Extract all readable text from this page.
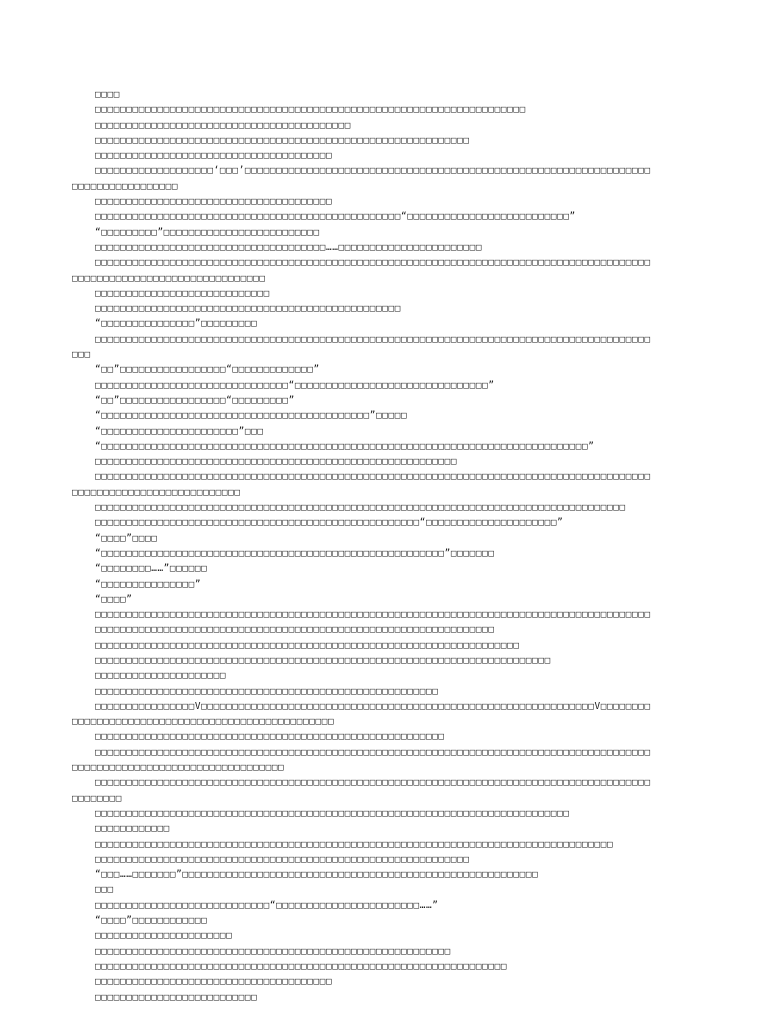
□□□□
□□□□□□□□□□□□□□□□□□□□□□□□□□□□□□□□□□□□□□□□□□□□□□□□□□□□□□□□□□□□□□□□□□□□□
□□□□□□□□□□□□□□□□□□□□□□□□□□□□□□□□□□□□□□□□□
□□□□□□□□□□□□□□□□□□□□□□□□□□□□□□□□□□□□□□□□□□□□□□□□□□□□□□□□□□□□
□□□□□□□□□□□□□□□□□□□□□□□□□□□□□□□□□□□□□□
□□□□□□□□□□□□□□□□□□□‘□□□’□□□□□□□□□□□□□□□□□□□□□□□□□□□□□□□□□□□□□□□□□□□□□□□□□□□□□□□□□□□□□□□□□
□□□□□□□□□□□□□□□□□
□□□□□□□□□□□□□□□□□□□□□□□□□□□□□□□□□□□□□□
□□□□□□□□□□□□□□□□□□□□□□□□□□□□□□□□□□□□□□□□□□□□□□□□□“□□□□□□□□□□□□□□□□□□□□□□□□□□”
“□□□□□□□□□”□□□□□□□□□□□□□□□□□□□□□□□□□
□□□□□□□□□□□□□□□□□□□□□□□□□□□□□□□□□□□□□……□□□□□□□□□□□□□□□□□□□□□□□
□□□□□□□□□□□□□□□□□□□□□□□□□□□□□□□□□□□□□□□□□□□□□□□□□□□□□□□□□□□□□□□□□□□□□□□□□□□□□□□□□□□□□□□□□
□□□□□□□□□□□□□□□□□□□□□□□□□□□□□□□
□□□□□□□□□□□□□□□□□□□□□□□□□□□□
□□□□□□□□□□□□□□□□□□□□□□□□□□□□□□□□□□□□□□□□□□□□□□□□□
“□□□□□□□□□□□□□□□”□□□□□□□□□
□□□□□□□□□□□□□□□□□□□□□□□□□□□□□□□□□□□□□□□□□□□□□□□□□□□□□□□□□□□□□□□□□□□□□□□□□□□□□□□□□□□□□□□□□
□□□
“□□”□□□□□□□□□□□□□□□□□“□□□□□□□□□□□□□”
□□□□□□□□□□□□□□□□□□□□□□□□□□□□□□□“□□□□□□□□□□□□□□□□□□□□□□□□□□□□□□□”
“□□”□□□□□□□□□□□□□□□□□“□□□□□□□□□”
“□□□□□□□□□□□□□□□□□□□□□□□□□□□□□□□□□□□□□□□□□□□”□□□□□
“□□□□□□□□□□□□□□□□□□□□□□”□□□
“□□□□□□□□□□□□□□□□□□□□□□□□□□□□□□□□□□□□□□□□□□□□□□□□□□□□□□□□□□□□□□□□□□□□□□□□□□□□□□”
□□□□□□□□□□□□□□□□□□□□□□□□□□□□□□□□□□□□□□□□□□□□□□□□□□□□□□□□□□
□□□□□□□□□□□□□□□□□□□□□□□□□□□□□□□□□□□□□□□□□□□□□□□□□□□□□□□□□□□□□□□□□□□□□□□□□□□□□□□□□□□□□□□□□
□□□□□□□□□□□□□□□□□□□□□□□□□□□
□□□□□□□□□□□□□□□□□□□□□□□□□□□□□□□□□□□□□□□□□□□□□□□□□□□□□□□□□□□□□□□□□□□□□□□□□□□□□□□□□□□□□
□□□□□□□□□□□□□□□□□□□□□□□□□□□□□□□□□□□□□□□□□□□□□□□□□□□□“□□□□□□□□□□□□□□□□□□□□□”
“□□□□”□□□□
“□□□□□□□□□□□□□□□□□□□□□□□□□□□□□□□□□□□□□□□□□□□□□□□□□□□□□□□”□□□□□□□
“□□□□□□□□……”□□□□□□
“□□□□□□□□□□□□□□□”
“□□□□”
□□□□□□□□□□□□□□□□□□□□□□□□□□□□□□□□□□□□□□□□□□□□□□□□□□□□□□□□□□□□□□□□□□□□□□□□□□□□□□□□□□□□□□□□□
□□□□□□□□□□□□□□□□□□□□□□□□□□□□□□□□□□□□□□□□□□□□□□□□□□□□□□□□□□□□□□□□
□□□□□□□□□□□□□□□□□□□□□□□□□□□□□□□□□□□□□□□□□□□□□□□□□□□□□□□□□□□□□□□□□□□□
□□□□□□□□□□□□□□□□□□□□□□□□□□□□□□□□□□□□□□□□□□□□□□□□□□□□□□□□□□□□□□□□□□□□□□□□□
□□□□□□□□□□□□□□□□□□□□□
□□□□□□□□□□□□□□□□□□□□□□□□□□□□□□□□□□□□□□□□□□□□□□□□□□□□□□□
□□□□□□□□□□□□□□□□V□□□□□□□□□□□□□□□□□□□□□□□□□□□□□□□□□□□□□□□□□□□□□□□□□□□□□□□□□□□□□□□V□□□□□□□□
□□□□□□□□□□□□□□□□□□□□□□□□□□□□□□□□□□□□□□□□□□
□□□□□□□□□□□□□□□□□□□□□□□□□□□□□□□□□□□□□□□□□□□□□□□□□□□□□□□□
□□□□□□□□□□□□□□□□□□□□□□□□□□□□□□□□□□□□□□□□□□□□□□□□□□□□□□□□□□□□□□□□□□□□□□□□□□□□□□□□□□□□□□□□□
□□□□□□□□□□□□□□□□□□□□□□□□□□□□□□□□□□
□□□□□□□□□□□□□□□□□□□□□□□□□□□□□□□□□□□□□□□□□□□□□□□□□□□□□□□□□□□□□□□□□□□□□□□□□□□□□□□□□□□□□□□□□
□□□□□□□□
□□□□□□□□□□□□□□□□□□□□□□□□□□□□□□□□□□□□□□□□□□□□□□□□□□□□□□□□□□□□□□□□□□□□□□□□□□□□
□□□□□□□□□□□□
□□□□□□□□□□□□□□□□□□□□□□□□□□□□□□□□□□□□□□□□□□□□□□□□□□□□□□□□□□□□□□□□□□□□□□□□□□□□□□□□□□□
□□□□□□□□□□□□□□□□□□□□□□□□□□□□□□□□□□□□□□□□□□□□□□□□□□□□□□□□□□□□
“□□□……□□□□□□□”□□□□□□□□□□□□□□□□□□□□□□□□□□□□□□□□□□□□□□□□□□□□□□□□□□□□□□□□□
□□□
□□□□□□□□□□□□□□□□□□□□□□□□□□□□“□□□□□□□□□□□□□□□□□□□□□□□……”
“□□□□”□□□□□□□□□□□□
□□□□□□□□□□□□□□□□□□□□□□
□□□□□□□□□□□□□□□□□□□□□□□□□□□□□□□□□□□□□□□□□□□□□□□□□□□□□□□□□
□□□□□□□□□□□□□□□□□□□□□□□□□□□□□□□□□□□□□□□□□□□□□□□□□□□□□□□□□□□□□□□□□□
□□□□□□□□□□□□□□□□□□□□□□□□□□□□□□□□□□□□□□
□□□□□□□□□□□□□□□□□□□□□□□□□□
